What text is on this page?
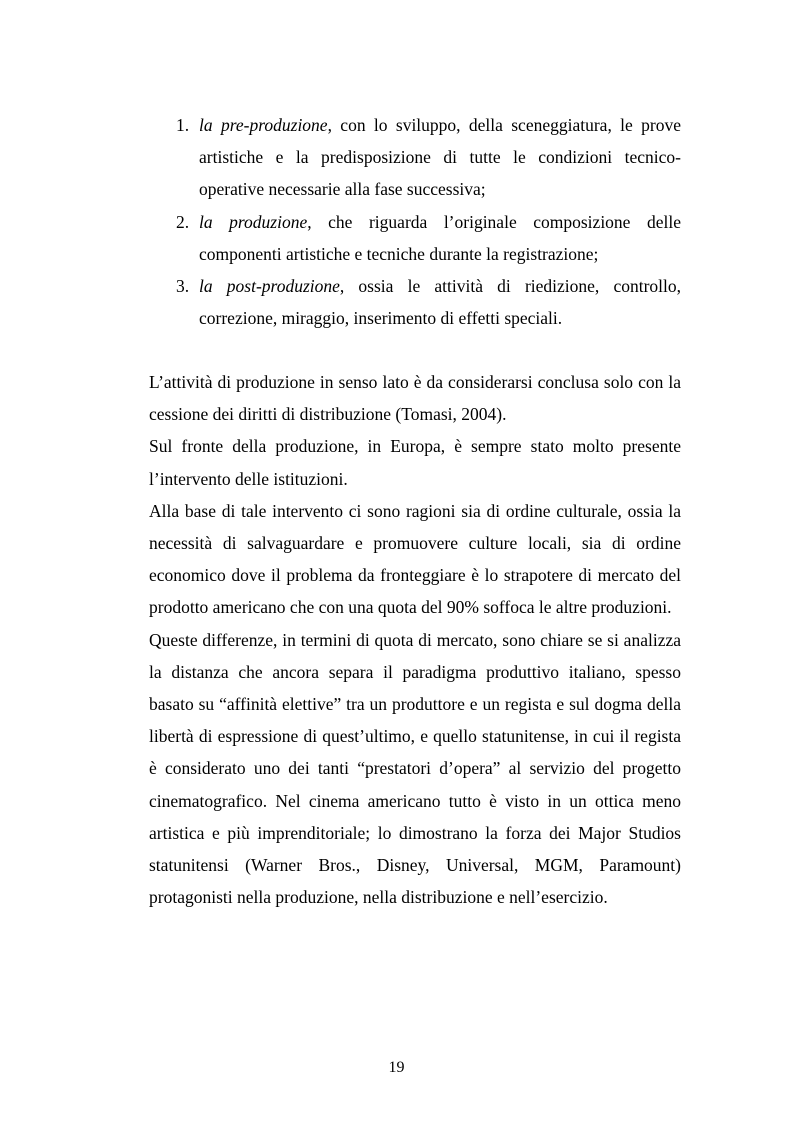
1. la pre-produzione, con lo sviluppo, della sceneggiatura, le prove artistiche e la predisposizione di tutte le condizioni tecnico-operative necessarie alla fase successiva;
2. la produzione, che riguarda l’originale composizione delle componenti artistiche e tecniche durante la registrazione;
3. la post-produzione, ossia le attività di riedizione, controllo, correzione, miraggio, inserimento di effetti speciali.

L’attività di produzione in senso lato è da considerarsi conclusa solo con la cessione dei diritti di distribuzione (Tomasi, 2004).

Sul fronte della produzione, in Europa, è sempre stato molto presente l’intervento delle istituzioni.

Alla base di tale intervento ci sono ragioni sia di ordine culturale, ossia la necessità di salvaguardare e promuovere culture locali, sia di ordine economico dove il problema da fronteggiare è lo strapotere di mercato del prodotto americano che con una quota del 90% soffoca le altre produzioni.

Queste differenze, in termini di quota di mercato, sono chiare se si analizza la distanza che ancora separa il paradigma produttivo italiano, spesso basato su “affinità elettive” tra un produttore e un regista e sul dogma della libertà di espressione di quest’ultimo, e quello statunitense, in cui il regista è considerato uno dei tanti “prestatori d’opera” al servizio del progetto cinematografico. Nel cinema americano tutto è visto in un ottica meno artistica e più imprenditoriale; lo dimostrano la forza dei Major Studios statunitensi (Warner Bros., Disney, Universal, MGM, Paramount) protagonisti nella produzione, nella distribuzione e nell’esercizio.

19
